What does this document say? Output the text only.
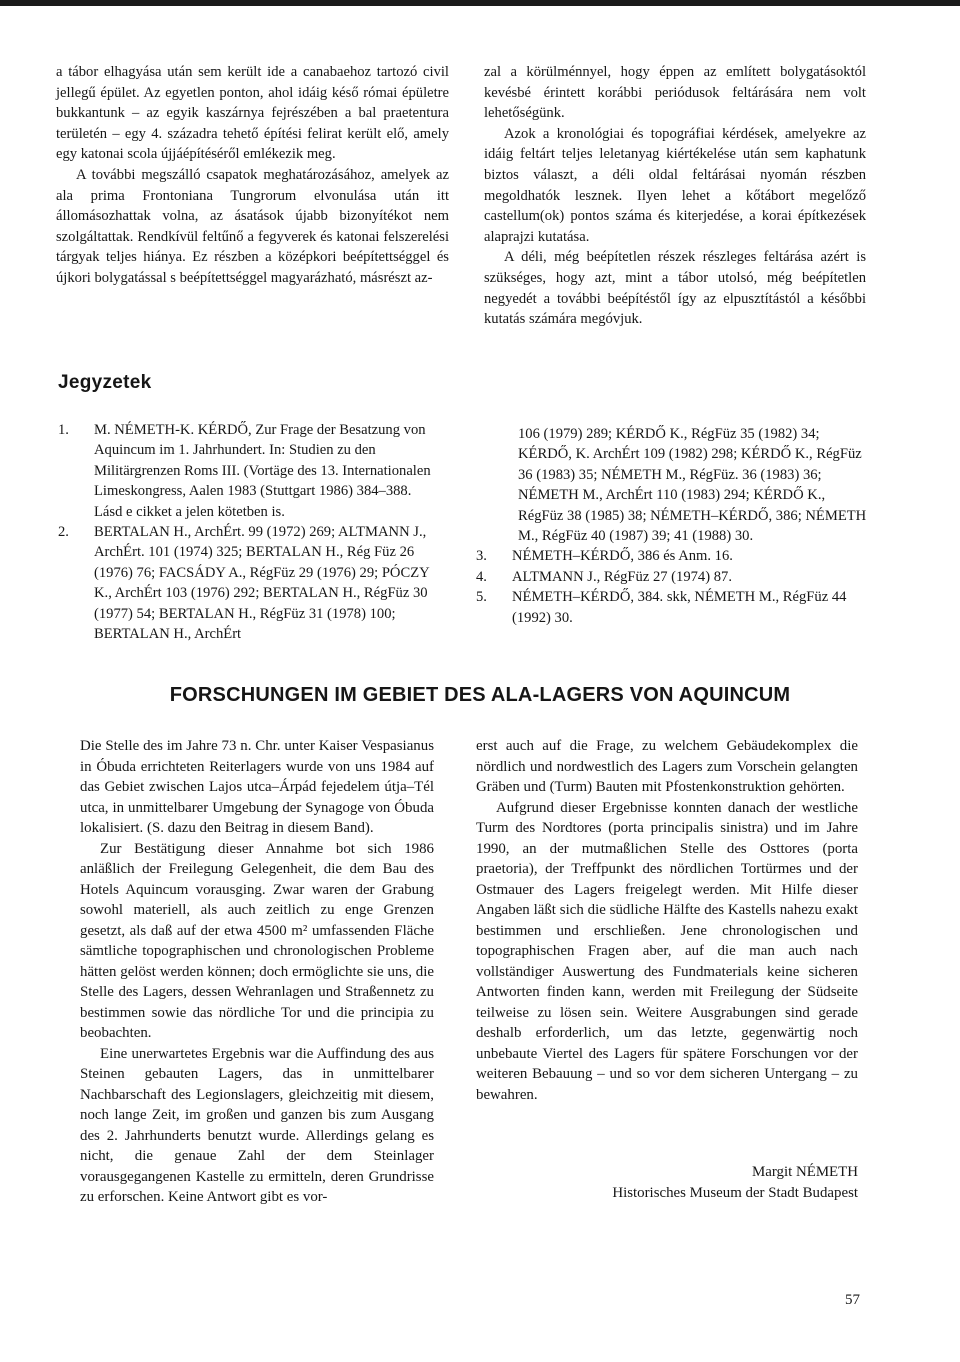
a tábor elhagyása után sem került ide a canabaehoz tartozó civil jellegű épület. Az egyetlen ponton, ahol idáig késő római épületre bukkantunk – az egyik kaszárnya fejrészében a bal praetentura területén – egy 4. századra tehető építési felirat került elő, amely egy katonai scola újjáépítéséről emlékezik meg.

A további megszálló csapatok meghatározásához, amelyek az ala prima Frontoniana Tungrorum elvonulása után itt állomásozhattak volna, az ásatások újabb bizonyítékot nem szolgáltattak. Rendkívül feltűnő a fegyverek és katonai felszerelési tárgyak teljes hiánya. Ez részben a középkori beépítettséggel és újkori bolygatással s beépítettséggel magyarázható, másrészt az-

zal a körülménnyel, hogy éppen az említett bolygatásoktól kevésbé érintett korábbi periódusok feltárására nem volt lehetőségünk.

Azok a kronológiai és topográfiai kérdések, amelyekre az idáig feltárt teljes leletanyag kiértékelése után sem kaphatunk biztos választ, a déli oldal feltárásai nyomán részben megoldhatók lesznek. Ilyen lehet a kőtábort megelőző castellum(ok) pontos száma és kiterjedése, a korai építkezések alaprajzi kutatása.

A déli, még beépítetlen részek részleges feltárása azért is szükséges, hogy azt, mint a tábor utolsó, még beépítetlen negyedét a további beépítéstől így az elpusztítástól a későbbi kutatás számára megóvjuk.

Jegyzetek
1. M. NÉMETH-K. KÉRDŐ, Zur Frage der Besatzung von Aquincum im 1. Jahrhundert. In: Studien zu den Militärgrenzen Roms III. (Vortäge des 13. Internationalen Limeskongress, Aalen 1983 (Stuttgart 1986) 384–388. Lásd e cikket a jelen kötetben is.
2. BERTALAN H., ArchÉrt. 99 (1972) 269; ALTMANN J., ArchÉrt. 101 (1974) 325; BERTALAN H., Rég Füz 26 (1976) 76; FACSÁDY A., RégFüz 29 (1976) 29; PÓCZY K., ArchÉrt 103 (1976) 292; BERTALAN H., RégFüz 30 (1977) 54; BERTALAN H., RégFüz 31 (1978) 100; BERTALAN H., ArchÉrt
106 (1979) 289; KÉRDŐ K., RégFüz 35 (1982) 34; KÉRDŐ, K. ArchÉrt 109 (1982) 298; KÉRDŐ K., RégFüz 36 (1983) 35; NÉMETH M., RégFüz. 36 (1983) 36; NÉMETH M., ArchÉrt 110 (1983) 294; KÉRDŐ K., RégFüz 38 (1985) 38; NÉMETH–KÉRDŐ, 386; NÉMETH M., RégFüz 40 (1987) 39; 41 (1988) 30.
3. NÉMETH–KÉRDŐ, 386 és Anm. 16.
4. ALTMANN J., RégFüz 27 (1974) 87.
5. NÉMETH–KÉRDŐ, 384. skk, NÉMETH M., RégFüz 44 (1992) 30.
FORSCHUNGEN IM GEBIET DES ALA-LAGERS VON AQUINCUM

Die Stelle des im Jahre 73 n. Chr. unter Kaiser Vespasianus in Óbuda errichteten Reiterlagers wurde von uns 1984 auf das Gebiet zwischen Lajos utca–Árpád fejedelem útja–Tél utca, in unmittelbarer Umgebung der Synagoge von Óbuda lokalisiert. (S. dazu den Beitrag in diesem Band).

Zur Bestätigung dieser Annahme bot sich 1986 anläßlich der Freilegung Gelegenheit, die dem Bau des Hotels Aquincum vorausging. Zwar waren der Grabung sowohl materiell, als auch zeitlich zu enge Grenzen gesetzt, als daß auf der etwa 4500 m² umfassenden Fläche sämtliche topographischen und chronologischen Probleme hätten gelöst werden können; doch ermöglichte sie uns, die Stelle des Lagers, dessen Wehranlagen und Straßennetz zu bestimmen sowie das nördliche Tor und die principia zu beobachten.

Eine unerwartetes Ergebnis war die Auffindung des aus Steinen gebauten Lagers, das in unmittelbarer Nachbarschaft des Legionslagers, gleichzeitig mit diesem, noch lange Zeit, im großen und ganzen bis zum Ausgang des 2. Jahrhunderts benutzt wurde. Allerdings gelang es nicht, die genaue Zahl der dem Steinlager vorausgegangenen Kastelle zu ermitteln, deren Grundrisse zu erforschen. Keine Antwort gibt es vor-

erst auch auf die Frage, zu welchem Gebäudekomplex die nördlich und nordwestlich des Lagers zum Vorschein gelangten Gräben und (Turm) Bauten mit Pfostenkonstruktion gehörten.

Aufgrund dieser Ergebnisse konnten danach der westliche Turm des Nordtores (porta principalis sinistra) und im Jahre 1990, an der mutmaßlichen Stelle des Osttores (porta praetoria), der Treffpunkt des nördlichen Tortürmes und der Ostmauer des Lagers freigelegt werden. Mit Hilfe dieser Angaben läßt sich die südliche Hälfte des Kastells nahezu exakt bestimmen und erschließen. Jene chronologischen und topographischen Fragen aber, auf die man auch nach vollständiger Auswertung des Fundmaterials keine sicheren Antworten finden kann, werden mit Freilegung der Südseite teilweise zu lösen sein. Weitere Ausgrabungen sind gerade deshalb erforderlich, um das letzte, gegenwärtig noch unbebaute Viertel des Lagers für spätere Forschungen vor der weiteren Bebauung – und so vor dem sicheren Untergang – zu bewahren.

Margit NÉMETH
Historisches Museum der Stadt Budapest
57
